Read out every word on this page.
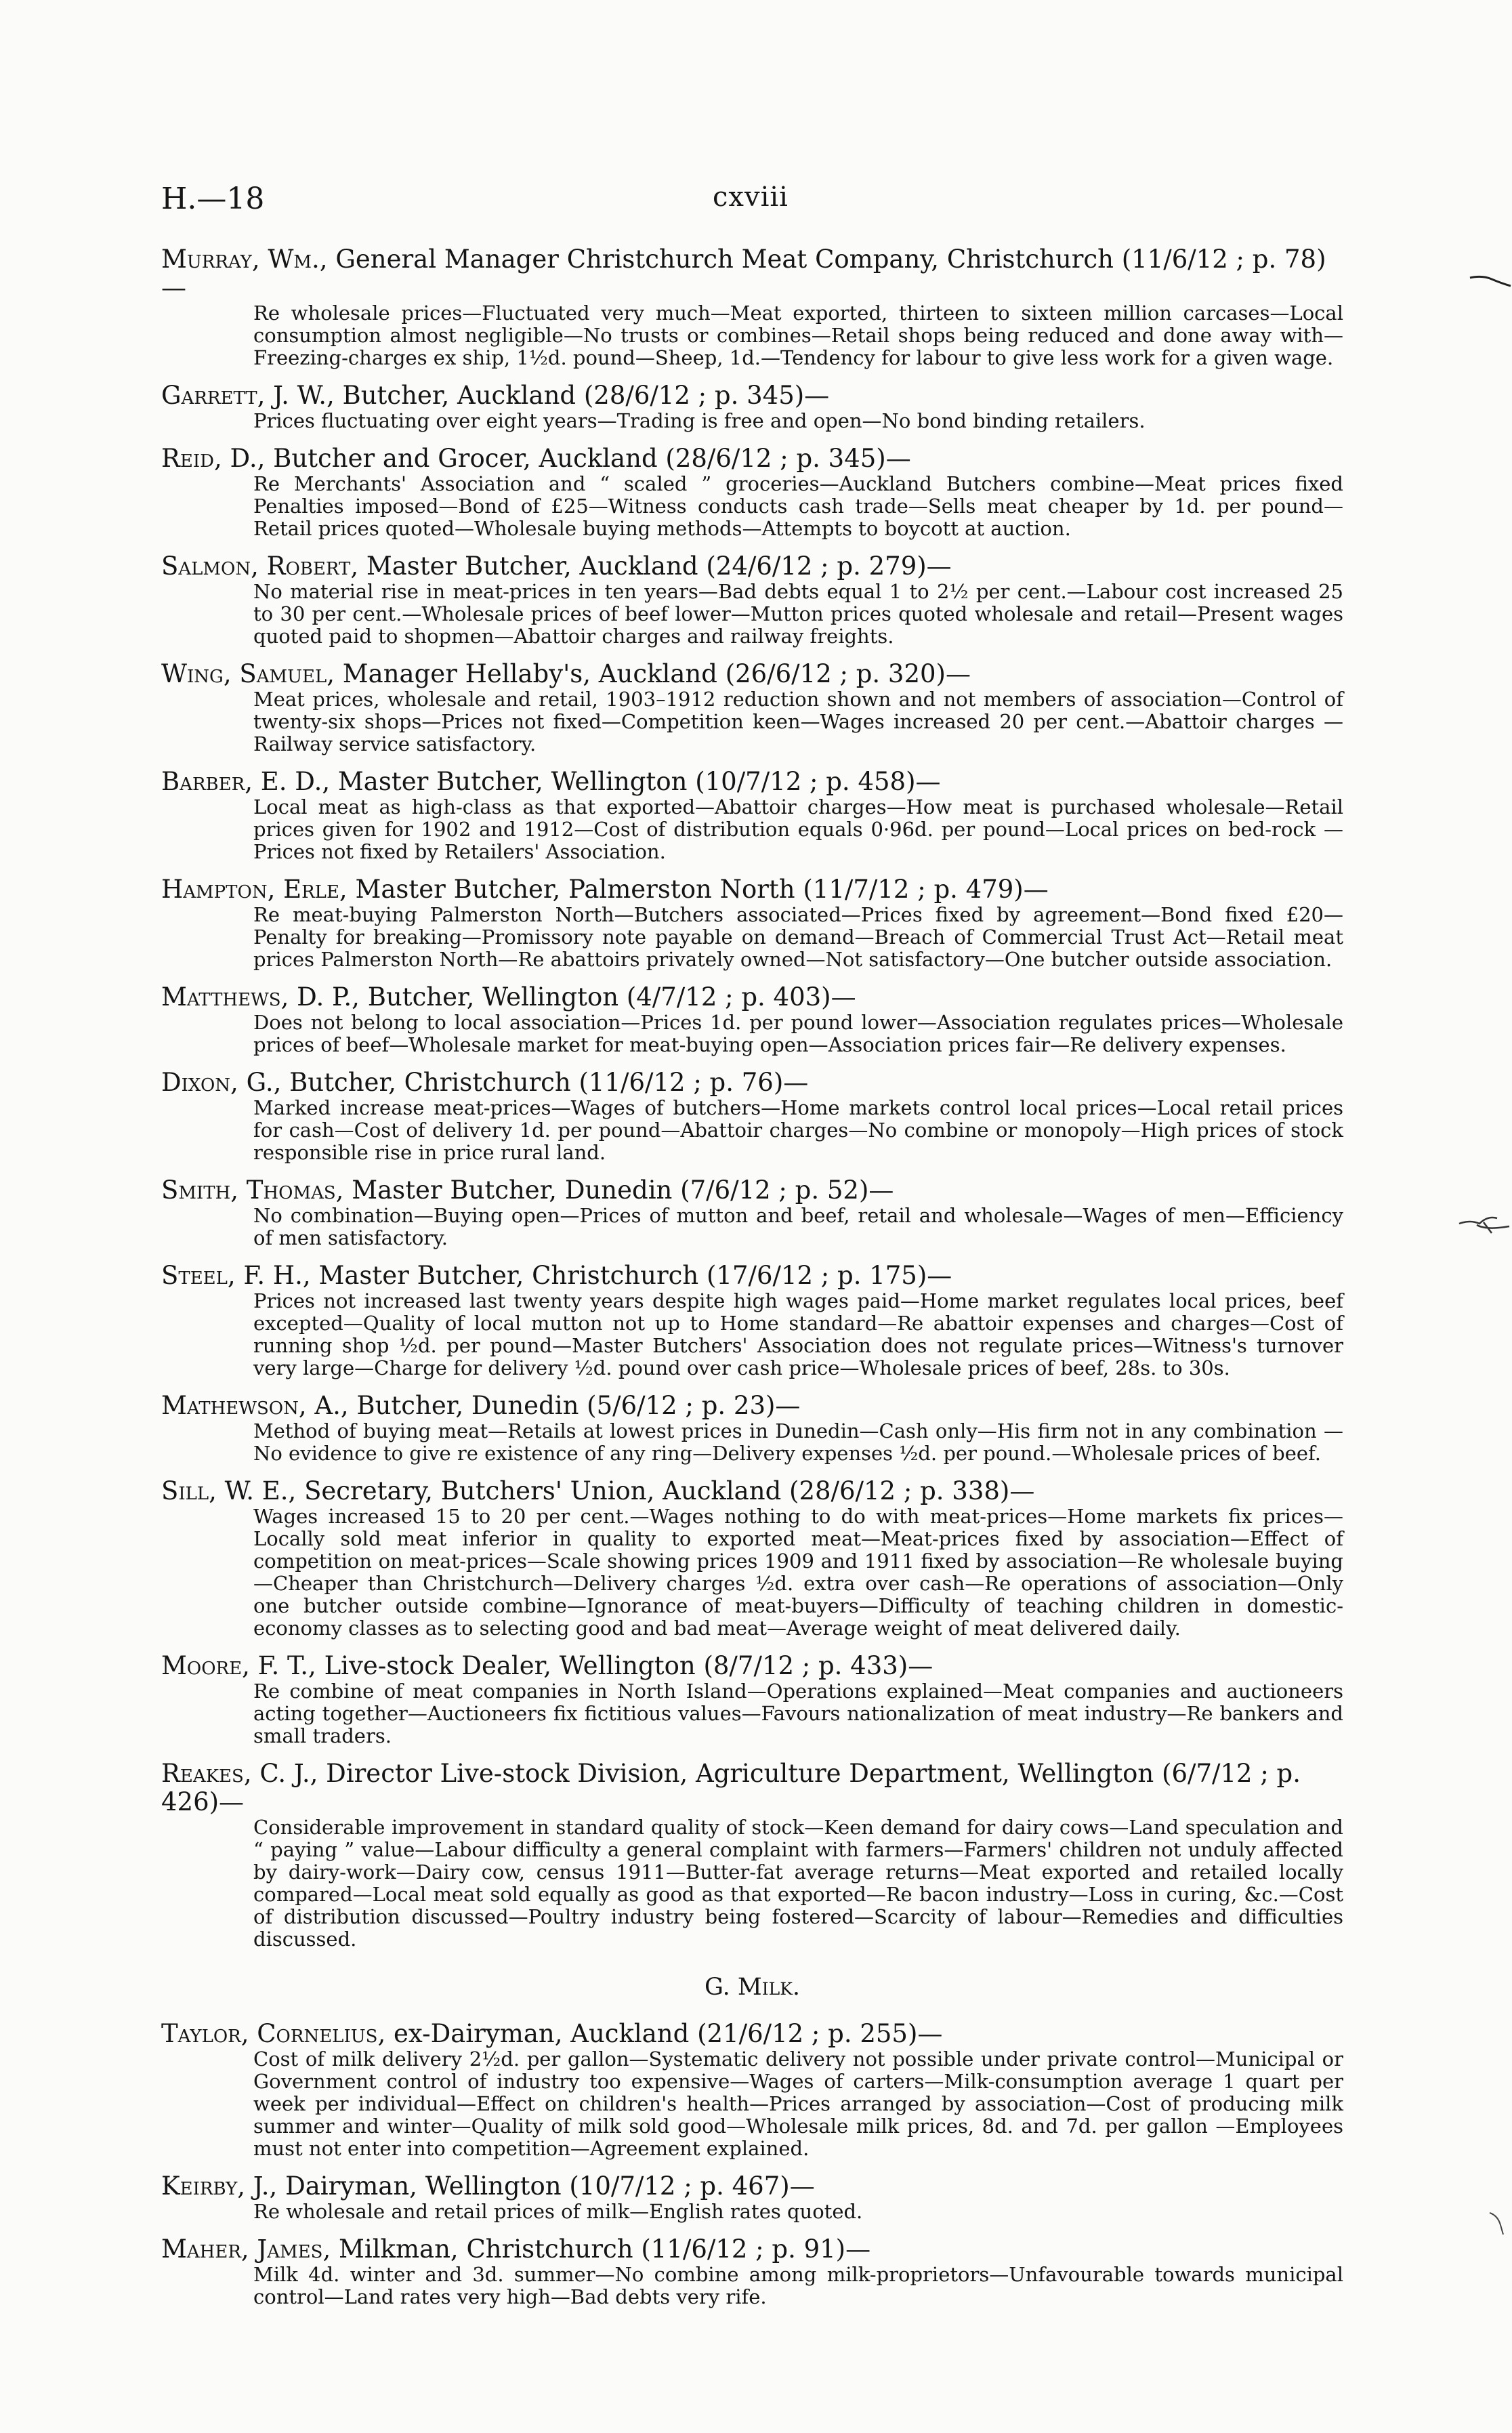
H.—18	cxviii
Murray, Wm., General Manager Christchurch Meat Company, Christchurch (11/6/12 ; p. 78)—
Re wholesale prices—Fluctuated very much—Meat exported, thirteen to sixteen million carcases—Local consumption almost negligible—No trusts or combines—Retail shops being reduced and done away with—Freezing-charges ex ship, 1½d. pound—Sheep, 1d.—Tendency for labour to give less work for a given wage.
Garrett, J. W., Butcher, Auckland (28/6/12 ; p. 345)—
Prices fluctuating over eight years—Trading is free and open—No bond binding retailers.
Reid, D., Butcher and Grocer, Auckland (28/6/12 ; p. 345)—
Re Merchants' Association and “ scaled ” groceries—Auckland Butchers combine—Meat prices fixed Penalties imposed—Bond of £25—Witness conducts cash trade—Sells meat cheaper by 1d. per pound—Retail prices quoted—Wholesale buying methods—Attempts to boycott at auction.
Salmon, Robert, Master Butcher, Auckland (24/6/12 ; p. 279)—
No material rise in meat-prices in ten years—Bad debts equal 1 to 2½ per cent.—Labour cost increased 25 to 30 per cent.—Wholesale prices of beef lower—Mutton prices quoted wholesale and retail—Present wages quoted paid to shopmen—Abattoir charges and railway freights.
Wing, Samuel, Manager Hellaby's, Auckland (26/6/12 ; p. 320)—
Meat prices, wholesale and retail, 1903–1912 reduction shown and not members of association—Control of twenty-six shops—Prices not fixed—Competition keen—Wages increased 20 per cent.—Abattoir charges —Railway service satisfactory.
Barber, E. D., Master Butcher, Wellington (10/7/12 ; p. 458)—
Local meat as high-class as that exported—Abattoir charges—How meat is purchased wholesale—Retail prices given for 1902 and 1912—Cost of distribution equals 0·96d. per pound—Local prices on bed-rock —Prices not fixed by Retailers' Association.
Hampton, Erle, Master Butcher, Palmerston North (11/7/12 ; p. 479)—
Re meat-buying Palmerston North—Butchers associated—Prices fixed by agreement—Bond fixed £20—Penalty for breaking—Promissory note payable on demand—Breach of Commercial Trust Act—Retail meat prices Palmerston North—Re abattoirs privately owned—Not satisfactory—One butcher outside association.
Matthews, D. P., Butcher, Wellington (4/7/12 ; p. 403)—
Does not belong to local association—Prices 1d. per pound lower—Association regulates prices—Wholesale prices of beef—Wholesale market for meat-buying open—Association prices fair—Re delivery expenses.
Dixon, G., Butcher, Christchurch (11/6/12 ; p. 76)—
Marked increase meat-prices—Wages of butchers—Home markets control local prices—Local retail prices for cash—Cost of delivery 1d. per pound—Abattoir charges—No combine or monopoly—High prices of stock responsible rise in price rural land.
Smith, Thomas, Master Butcher, Dunedin (7/6/12 ; p. 52)—
No combination—Buying open—Prices of mutton and beef, retail and wholesale—Wages of men—Efficiency of men satisfactory.
Steel, F. H., Master Butcher, Christchurch (17/6/12 ; p. 175)—
Prices not increased last twenty years despite high wages paid—Home market regulates local prices, beef excepted—Quality of local mutton not up to Home standard—Re abattoir expenses and charges—Cost of running shop ½d. per pound—Master Butchers' Association does not regulate prices—Witness's turnover very large—Charge for delivery ½d. pound over cash price—Wholesale prices of beef, 28s. to 30s.
Mathewson, A., Butcher, Dunedin (5/6/12 ; p. 23)—
Method of buying meat—Retails at lowest prices in Dunedin—Cash only—His firm not in any combination —No evidence to give re existence of any ring—Delivery expenses ½d. per pound.—Wholesale prices of beef.
Sill, W. E., Secretary, Butchers' Union, Auckland (28/6/12 ; p. 338)—
Wages increased 15 to 20 per cent.—Wages nothing to do with meat-prices—Home markets fix prices—Locally sold meat inferior in quality to exported meat—Meat-prices fixed by association—Effect of competition on meat-prices—Scale showing prices 1909 and 1911 fixed by association—Re wholesale buying—Cheaper than Christchurch—Delivery charges ½d. extra over cash—Re operations of association—Only one butcher outside combine—Ignorance of meat-buyers—Difficulty of teaching children in domestic-economy classes as to selecting good and bad meat—Average weight of meat delivered daily.
Moore, F. T., Live-stock Dealer, Wellington (8/7/12 ; p. 433)—
Re combine of meat companies in North Island—Operations explained—Meat companies and auctioneers acting together—Auctioneers fix fictitious values—Favours nationalization of meat industry—Re bankers and small traders.
Reakes, C. J., Director Live-stock Division, Agriculture Department, Wellington (6/7/12 ; p. 426)—
Considerable improvement in standard quality of stock—Keen demand for dairy cows—Land speculation and “ paying ” value—Labour difficulty a general complaint with farmers—Farmers' children not unduly affected by dairy-work—Dairy cow, census 1911—Butter-fat average returns—Meat exported and retailed locally compared—Local meat sold equally as good as that exported—Re bacon industry—Loss in curing, &c.—Cost of distribution discussed—Poultry industry being fostered—Scarcity of labour—Remedies and difficulties discussed.
G. Milk.
Taylor, Cornelius, ex-Dairyman, Auckland (21/6/12 ; p. 255)—
Cost of milk delivery 2½d. per gallon—Systematic delivery not possible under private control—Municipal or Government control of industry too expensive—Wages of carters—Milk-consumption average 1 quart per week per individual—Effect on children's health—Prices arranged by association—Cost of producing milk summer and winter—Quality of milk sold good—Wholesale milk prices, 8d. and 7d. per gallon —Employees must not enter into competition—Agreement explained.
Keirby, J., Dairyman, Wellington (10/7/12 ; p. 467)—
Re wholesale and retail prices of milk—English rates quoted.
Maher, James, Milkman, Christchurch (11/6/12 ; p. 91)—
Milk 4d. winter and 3d. summer—No combine among milk-proprietors—Unfavourable towards municipal control—Land rates very high—Bad debts very rife.
